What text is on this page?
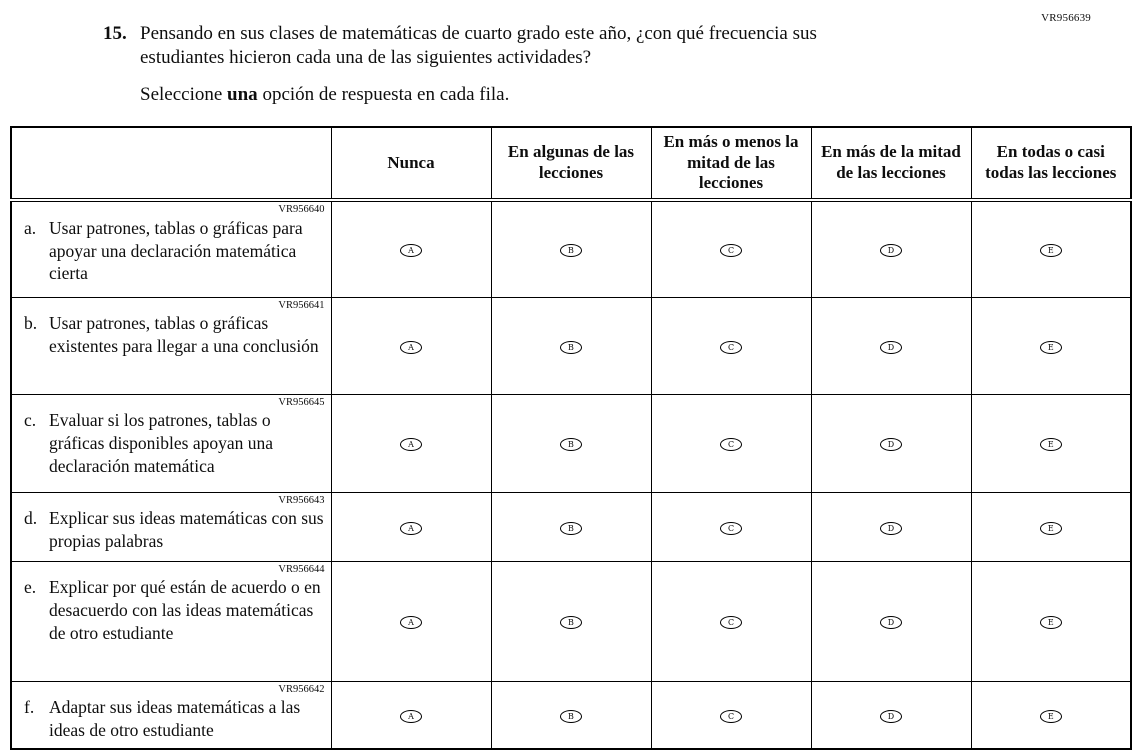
VR956639
15. Pensando en sus clases de matemáticas de cuarto grado este año, ¿con qué frecuencia sus estudiantes hicieron cada una de las siguientes actividades?

Seleccione una opción de respuesta en cada fila.

	Nunca	En algunas de las lecciones	En más o menos la mitad de las lecciones	En más de la mitad de las lecciones	En todas o casi todas las lecciones

VR956640
a. Usar patrones, tablas o gráficas para apoyar una declaración matemática cierta	A	B	C	D	E

VR956641
b. Usar patrones, tablas o gráficas existentes para llegar a una conclusión	A	B	C	D	E

VR956645
c. Evaluar si los patrones, tablas o gráficas disponibles apoyan una declaración matemática	A	B	C	D	E

VR956643
d. Explicar sus ideas matemáticas con sus propias palabras	A	B	C	D	E

VR956644
e. Explicar por qué están de acuerdo o en desacuerdo con las ideas matemáticas de otro estudiante	A	B	C	D	E

VR956642
f. Adaptar sus ideas matemáticas a las ideas de otro estudiante	A	B	C	D	E
